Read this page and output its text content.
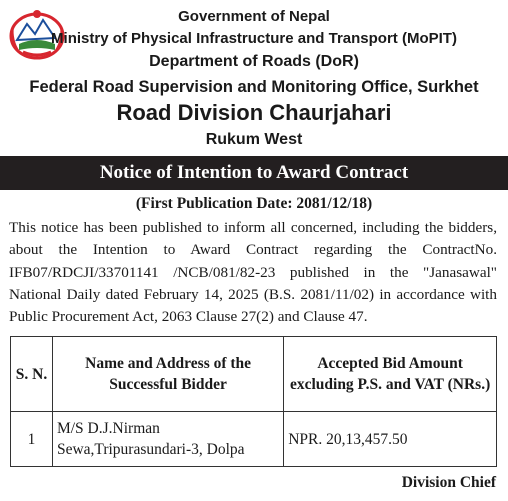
Government of Nepal
Ministry of Physical Infrastructure and Transport (MoPIT)
Department of Roads (DoR)
Federal Road Supervision and Monitoring Office, Surkhet
Road Division Chaurjahari
Rukum West
Notice of Intention to Award Contract
(First Publication Date: 2081/12/18)
This notice has been published to inform all concerned, including the bidders, about the Intention to Award Contract regarding the ContractNo. IFB07/RDCJI/33701141 /NCB/081/82-23 published in the "Janasawal" National Daily dated February 14, 2025 (B.S. 2081/11/02) in accordance with Public Procurement Act, 2063 Clause 27(2) and Clause 47.
S. N.	Name and Address of the Successful Bidder	Accepted Bid Amount excluding P.S. and VAT (NRs.)
1	M/S D.J.Nirman Sewa,Tripurasundari-3, Dolpa	NPR. 20,13,457.50
Division Chief
